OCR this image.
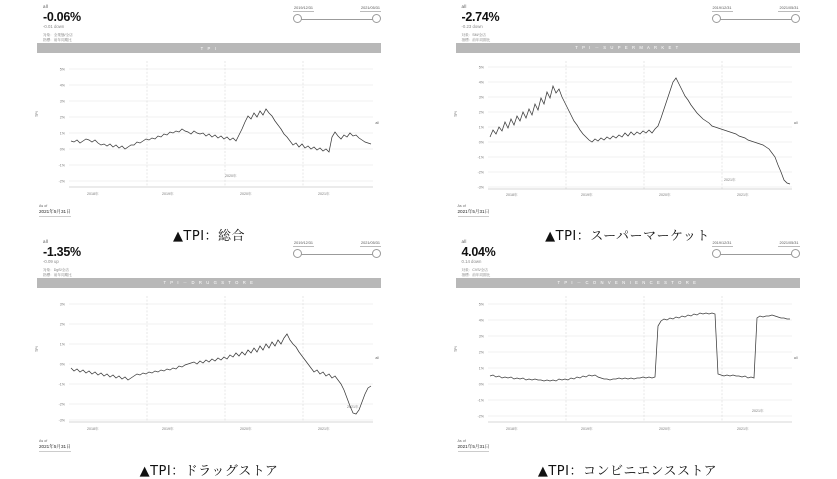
all
-0.06%
-0.01 down
対象：全業態/全店
指標：前年同期比
2019/12/31	2021/05/31
T P I
TPI
all
5%
4%
3%
2%
1%
0%
-1%
-2%
2018年	2019年	2020年	2021年
2020年
As of
2021年5月31日
▲TPI：総合
all
-2.74%
-0.23 down
対象：SM/全店
指標：前年同期比
2019/12/31	2021/05/31
T P I － S U P E R M A R K E T
TPI
all
5%
4%
3%
2%
1%
0%
-1%
-2%
-3%
2018年	2019年	2020年	2021年
2021年
As of
2021年5月31日
▲TPI：スーパーマーケット
all
-1.35%
-0.09 up
対象：DgS/全店
指標：前年同期比
2019/12/31	2021/05/31
T P I － D R U G S T O R E
TPI
all
3%
2%
1%
0%
-1%
-2%
-3%
2018年	2019年	2020年	2021年
2021年
As of
2021年5月31日
▲TPI：ドラッグストア
all
4.04%
0.14 down
対象：CVS/全店
指標：前年同期比
2019/12/31	2021/05/31
T P I － C O N V E N I E N C E S T O R E
TPI
all
5%
4%
3%
2%
1%
0%
-1%
-2%
2018年	2019年	2020年	2021年
2021年
As of
2021年5月31日
▲TPI：コンビニエンスストア
